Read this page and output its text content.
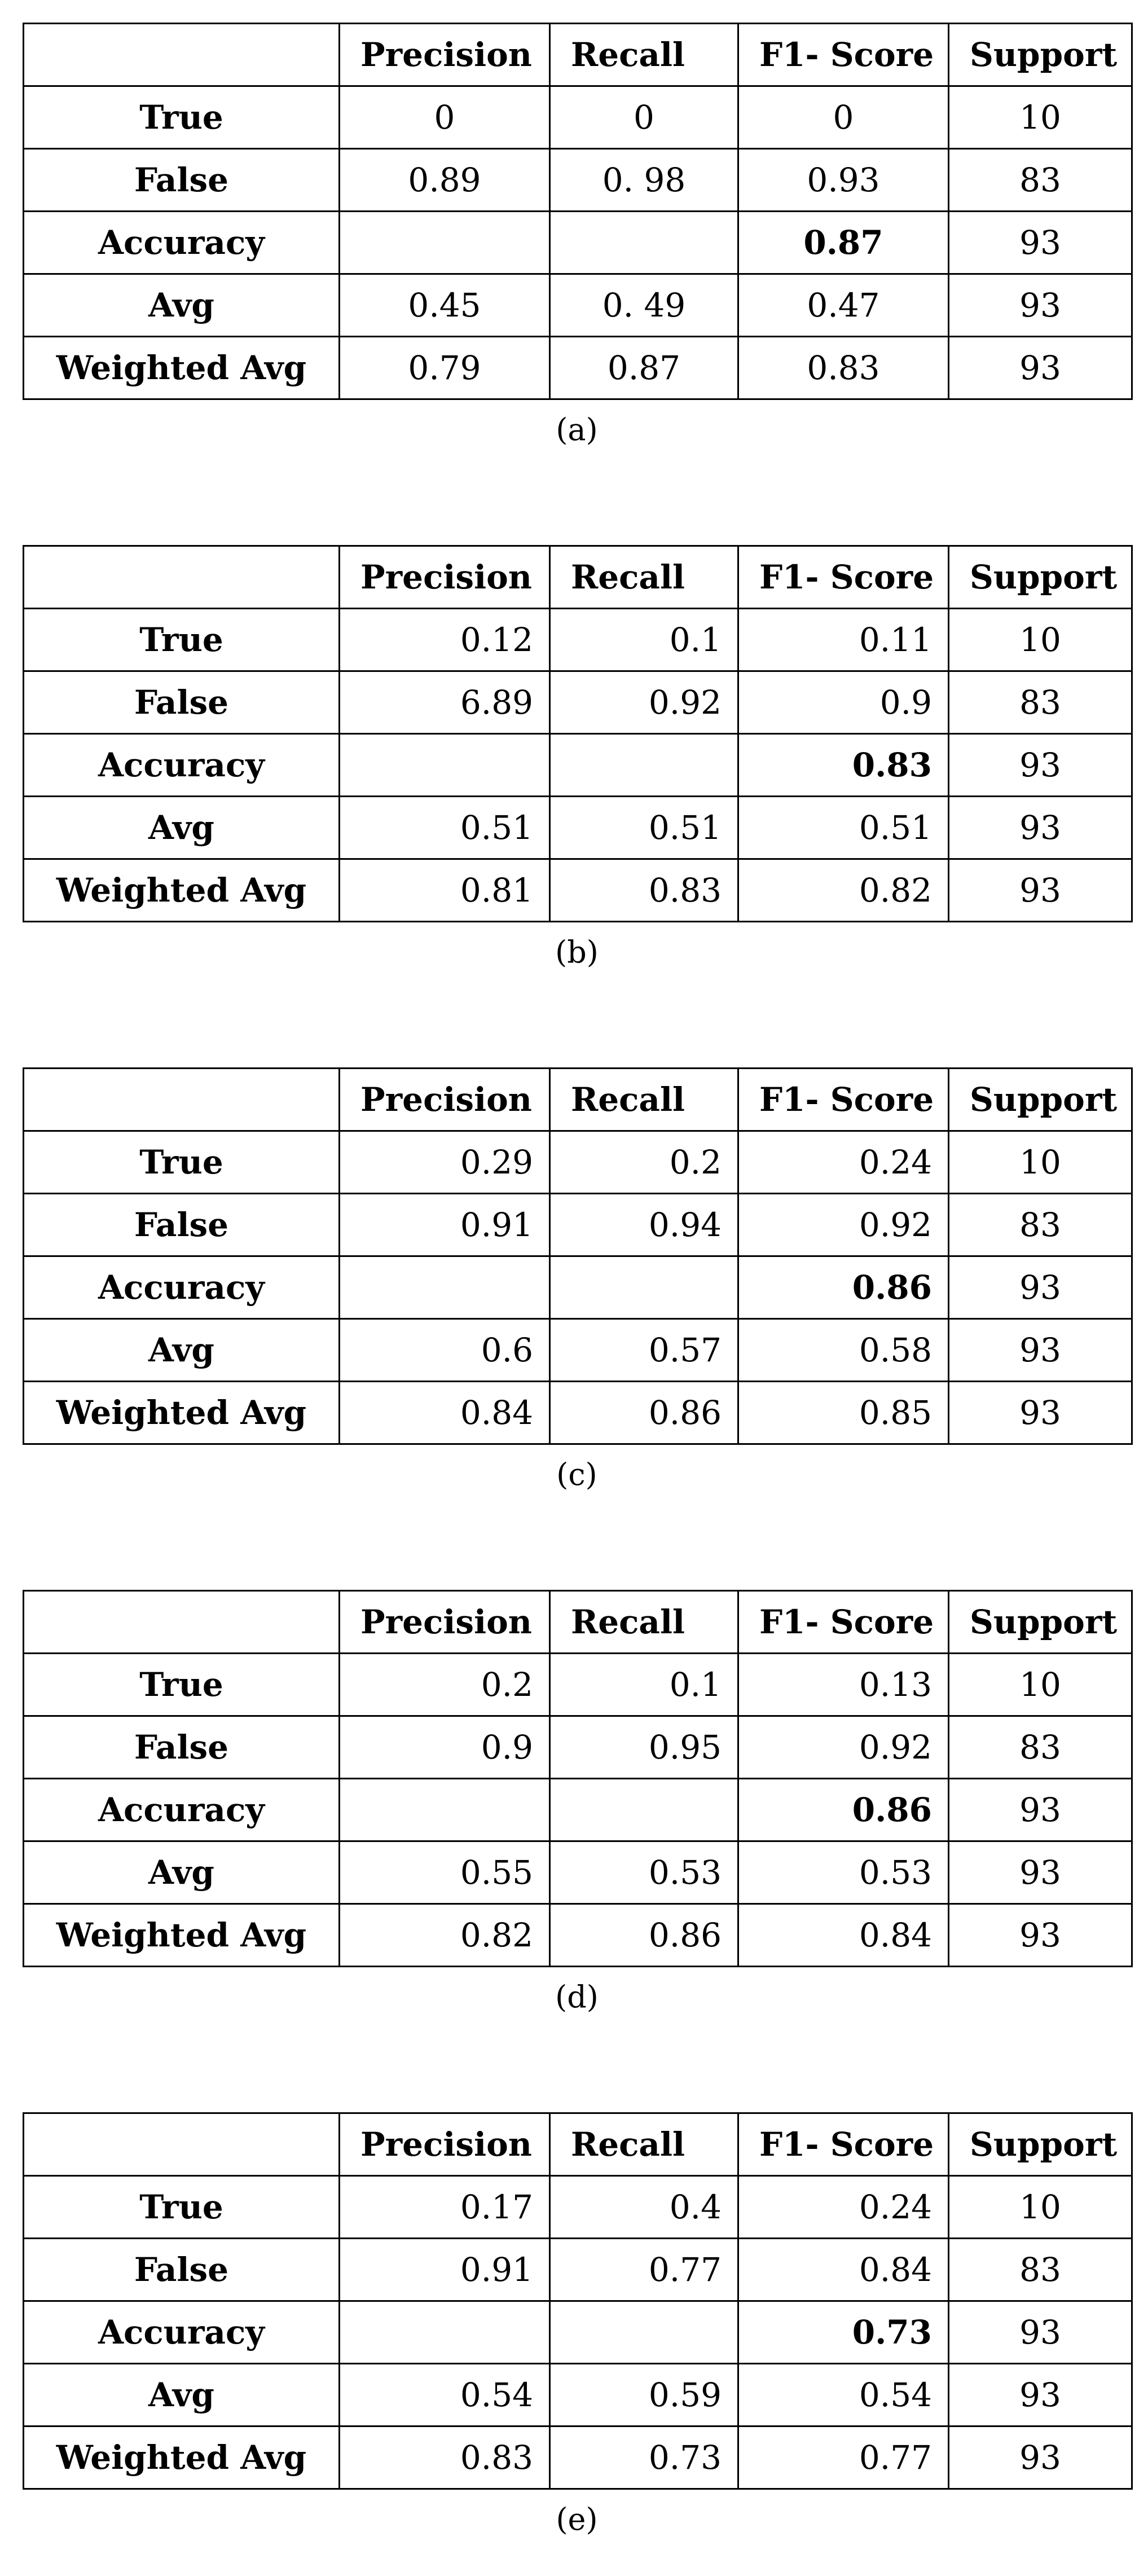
	Precision	Recall	F1- Score	Support
True	0	0	0	10
False	0.89	0. 98	0.93	83
Accuracy			0.87	93
Avg	0.45	0. 49	0.47	93
Weighted Avg	0.79	0.87	0.83	93
(a)
	Precision	Recall	F1- Score	Support
True	0.12	0.1	0.11	10
False	6.89	0.92	0.9	83
Accuracy			0.83	93
Avg	0.51	0.51	0.51	93
Weighted Avg	0.81	0.83	0.82	93
(b)
	Precision	Recall	F1- Score	Support
True	0.29	0.2	0.24	10
False	0.91	0.94	0.92	83
Accuracy			0.86	93
Avg	0.6	0.57	0.58	93
Weighted Avg	0.84	0.86	0.85	93
(c)
	Precision	Recall	F1- Score	Support
True	0.2	0.1	0.13	10
False	0.9	0.95	0.92	83
Accuracy			0.86	93
Avg	0.55	0.53	0.53	93
Weighted Avg	0.82	0.86	0.84	93
(d)
	Precision	Recall	F1- Score	Support
True	0.17	0.4	0.24	10
False	0.91	0.77	0.84	83
Accuracy			0.73	93
Avg	0.54	0.59	0.54	93
Weighted Avg	0.83	0.73	0.77	93
(e)
